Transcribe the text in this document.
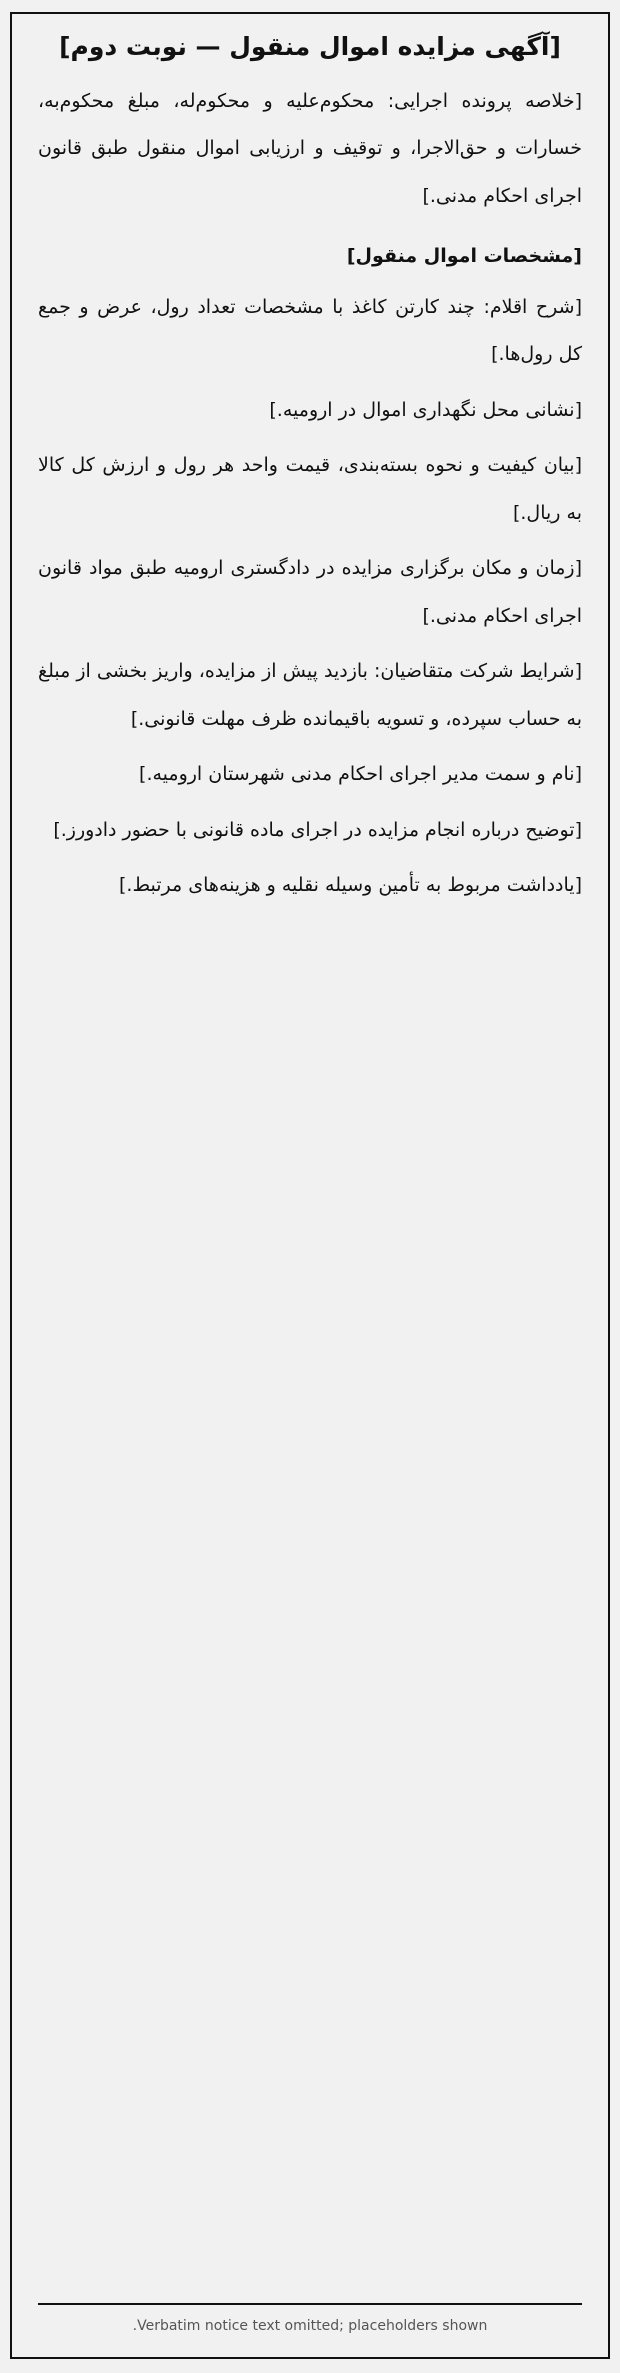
[آگهی مزایده اموال منقول — نوبت دوم]
[خلاصه پرونده اجرایی: محکوم‌علیه و محکوم‌له، مبلغ محکوم‌به، خسارات و حق‌الاجرا، و توقیف و ارزیابی اموال منقول طبق قانون اجرای احکام مدنی.]
[مشخصات اموال منقول]
[شرح اقلام: چند کارتن کاغذ با مشخصات تعداد رول، عرض و جمع کل رول‌ها.]
[نشانی محل نگهداری اموال در ارومیه.]
[بیان کیفیت و نحوه بسته‌بندی، قیمت واحد هر رول و ارزش کل کالا به ریال.]
[زمان و مکان برگزاری مزایده در دادگستری ارومیه طبق مواد قانون اجرای احکام مدنی.]
[شرایط شرکت متقاضیان: بازدید پیش از مزایده، واریز بخشی از مبلغ به حساب سپرده، و تسویه باقیمانده ظرف مهلت قانونی.]
[نام و سمت مدیر اجرای احکام مدنی شهرستان ارومیه.]
[توضیح درباره انجام مزایده در اجرای ماده قانونی با حضور دادورز.]
[یادداشت مربوط به تأمین وسیله نقلیه و هزینه‌های مرتبط.]
Verbatim notice text omitted; placeholders shown.
